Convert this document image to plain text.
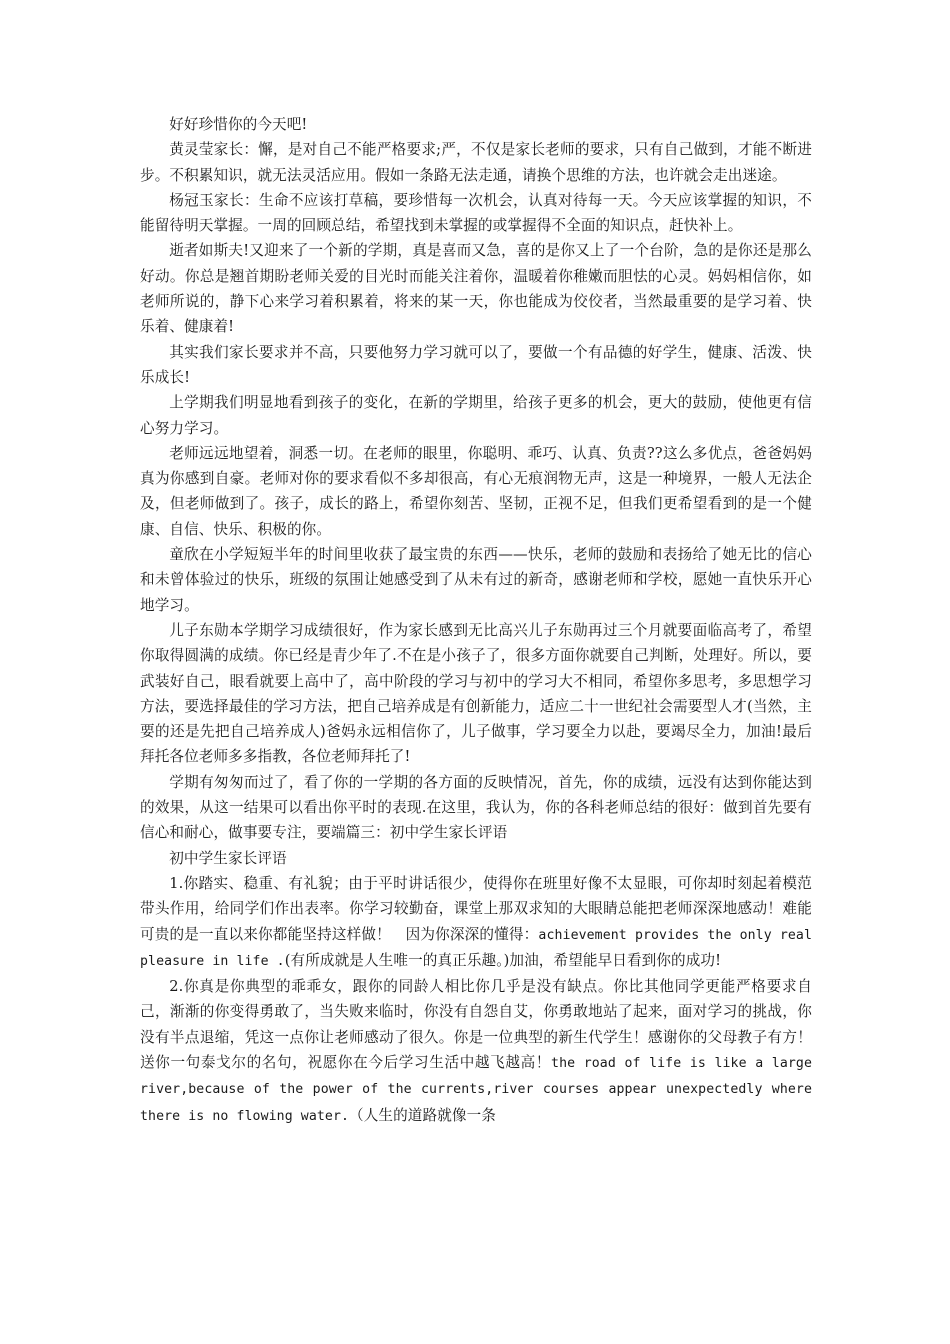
好好珍惜你的今天吧!

黄灵莹家长：懈，是对自己不能严格要求;严，不仅是家长老师的要求，只有自己做到，才能不断进步。不积累知识，就无法灵活应用。假如一条路无法走通，请换个思维的方法，也许就会走出迷途。

杨冠玉家长：生命不应该打草稿，要珍惜每一次机会，认真对待每一天。今天应该掌握的知识，不能留待明天掌握。一周的回顾总结，希望找到未掌握的或掌握得不全面的知识点，赶快补上。

逝者如斯夫!又迎来了一个新的学期，真是喜而又急，喜的是你又上了一个台阶，急的是你还是那么好动。你总是翘首期盼老师关爱的目光时而能关注着你，温暖着你稚嫩而胆怯的心灵。妈妈相信你，如老师所说的，静下心来学习着积累着，将来的某一天，你也能成为佼佼者，当然最重要的是学习着、快乐着、健康着!

其实我们家长要求并不高，只要他努力学习就可以了，要做一个有品德的好学生，健康、活泼、快乐成长!

上学期我们明显地看到孩子的变化，在新的学期里，给孩子更多的机会，更大的鼓励，使他更有信心努力学习。

老师远远地望着，洞悉一切。在老师的眼里，你聪明、乖巧、认真、负责??这么多优点，爸爸妈妈真为你感到自豪。老师对你的要求看似不多却很高，有心无痕润物无声，这是一种境界，一般人无法企及，但老师做到了。孩子，成长的路上，希望你刻苦、坚韧，正视不足，但我们更希望看到的是一个健康、自信、快乐、积极的你。

童欣在小学短短半年的时间里收获了最宝贵的东西——快乐，老师的鼓励和表扬给了她无比的信心和未曾体验过的快乐，班级的氛围让她感受到了从未有过的新奇，感谢老师和学校，愿她一直快乐开心地学习。

儿子东勋本学期学习成绩很好，作为家长感到无比高兴儿子东勋再过三个月就要面临高考了，希望你取得圆满的成绩。你已经是青少年了.不在是小孩子了，很多方面你就要自己判断，处理好。所以，要武装好自己，眼看就要上高中了，高中阶段的学习与初中的学习大不相同，希望你多思考，多思想学习方法，要选择最佳的学习方法，把自己培养成是有创新能力，适应二十一世纪社会需要型人才(当然，主要的还是先把自己培养成人)爸妈永远相信你了，儿子做事，学习要全力以赴，要竭尽全力，加油!最后拜托各位老师多多指教，各位老师拜托了!

学期有匆匆而过了，看了你的一学期的各方面的反映情况，首先，你的成绩，远没有达到你能达到的效果，从这一结果可以看出你平时的表现.在这里，我认为，你的各科老师总结的很好：做到首先要有信心和耐心，做事要专注，要端篇三：初中学生家长评语

初中学生家长评语

1.你踏实、稳重、有礼貌；由于平时讲话很少，使得你在班里好像不太显眼，可你却时刻起着模范带头作用，给同学们作出表率。你学习较勤奋，课堂上那双求知的大眼睛总能把老师深深地感动！难能可贵的是一直以来你都能坚持这样做！　因为你深深的懂得：achievement provides the only real pleasure in life .(有所成就是人生唯一的真正乐趣。)加油，希望能早日看到你的成功!

2.你真是你典型的乖乖女，跟你的同龄人相比你几乎是没有缺点。你比其他同学更能严格要求自己，渐渐的你变得勇敢了，当失败来临时，你没有自怨自艾，你勇敢地站了起来，面对学习的挑战，你没有半点退缩，凭这一点你让老师感动了很久。你是一位典型的新生代学生！感谢你的父母教子有方！送你一句泰戈尔的名句，祝愿你在今后学习生活中越飞越高！the road of life is like a large river,because of the power of the currents,river courses appear unexpectedly where there is no flowing water.（人生的道路就像一条
